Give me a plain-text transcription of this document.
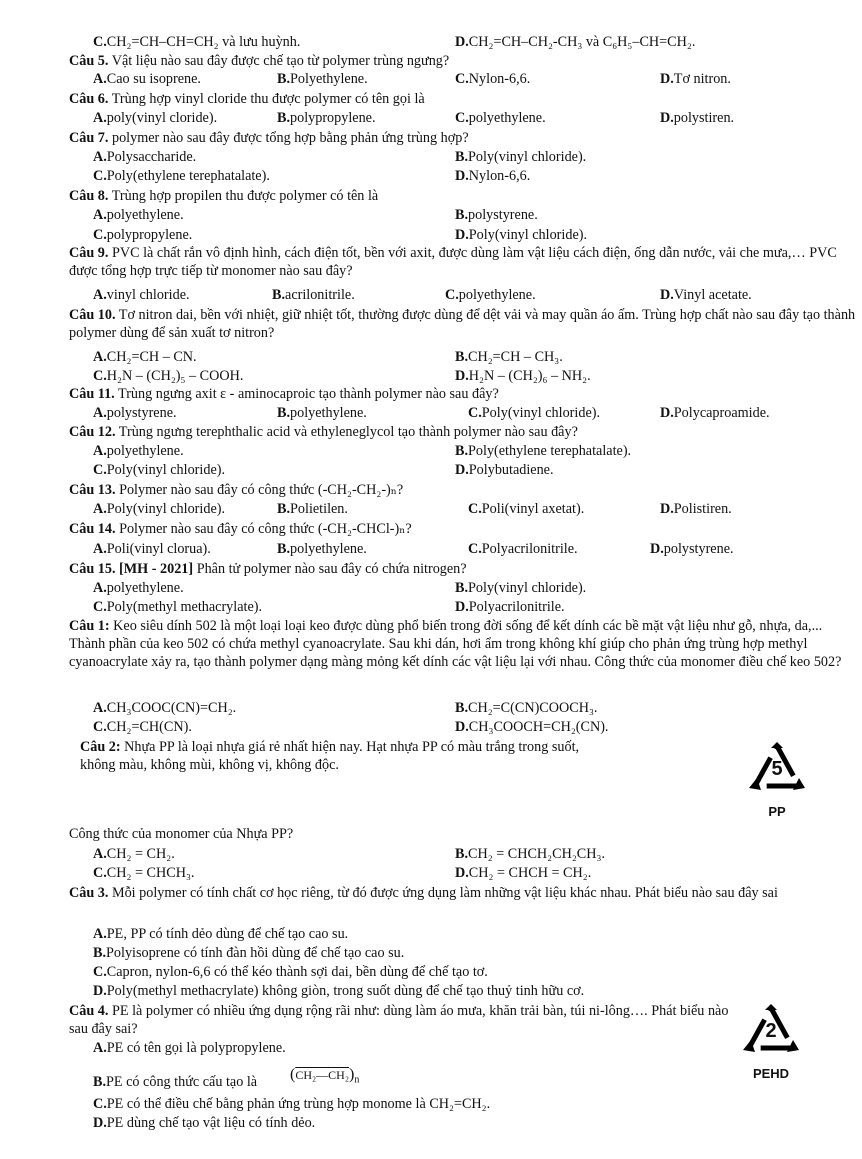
C.CH₂=CH–CH=CH₂ và lưu huỳnh.	D.CH₂=CH–CH₂-CH₃ và C₆H₅–CH=CH₂.
Câu 5. Vật liệu nào sau đây được chế tạo từ polymer trùng ngưng?
A.Cao su isoprene.	B.Polyethylene.	C.Nylon-6,6.	D.Tơ nitron.
Câu 6. Trùng hợp vinyl cloride thu được polymer có tên gọi là
A.poly(vinyl cloride).	B.polypropylene.	C.polyethylene.	D.polystiren.
Câu 7. polymer nào sau đây được tổng hợp bằng phản ứng trùng hợp?
A.Polysaccharide.	B.Poly(vinyl chloride).
C.Poly(ethylene terephatalate).	D.Nylon-6,6.
Câu 8. Trùng hợp propilen thu được polymer có tên là
A.polyethylene.	B.polystyrene.
C.polypropylene.	D.Poly(vinyl chloride).
Câu 9. PVC là chất rắn vô định hình, cách điện tốt, bền với axit, được dùng làm vật liệu cách điện, ống dẫn nước, vải che mưa,… PVC được tổng hợp trực tiếp từ monomer nào sau đây?
A.vinyl chloride.	B.acrilonitrile.	C.polyethylene.	D.Vinyl acetate.
Câu 10. Tơ nitron dai, bền với nhiệt, giữ nhiệt tốt, thường được dùng để dệt vải và may quần áo ấm. Trùng hợp chất nào sau đây tạo thành polymer dùng để sản xuất tơ nitron?
A.CH₂=CH – CN.	B.CH₂=CH – CH₃.
C.H₂N – (CH₂)₅ – COOH.	D.H₂N – (CH₂)₆ – NH₂.
Câu 11. Trùng ngưng axit ε - aminocaproic tạo thành polymer nào sau đây?
A.polystyrene.	B.polyethylene.	C.Poly(vinyl chloride).	D.Polycaproamide.
Câu 12. Trùng ngưng terephthalic acid và ethyleneglycol tạo thành polymer nào sau đây?
A.polyethylene.	B.Poly(ethylene terephatalate).
C.Poly(vinyl chloride).	D.Polybutadiene.
Câu 13. Polymer nào sau đây có công thức (-CH₂-CH₂-)ₙ?
A.Poly(vinyl chloride).	B.Polietilen.	C.Poli(vinyl axetat).	D.Polistiren.
Câu 14. Polymer nào sau đây có công thức (-CH₂-CHCl-)ₙ?
A.Poli(vinyl clorua).	B.polyethylene.	C.Polyacrilonitrile.	D.polystyrene.
Câu 15. [MH - 2021] Phân tử polymer nào sau đây có chứa nitrogen?
A.polyethylene.	B.Poly(vinyl chloride).
C.Poly(methyl methacrylate).	D.Polyacrilonitrile.
Câu 1: Keo siêu dính 502 là một loại loại keo được dùng phổ biến trong đời sống để kết dính các bề mặt vật liệu như gỗ, nhựa, da,... Thành phần của keo 502 có chứa methyl cyanoacrylate. Sau khi dán, hơi ẩm trong không khí giúp cho phản ứng trùng hợp methyl cyanoacrylate xảy ra, tạo thành polymer dạng màng mỏng kết dính các vật liệu lại với nhau. Công thức của monomer điều chế keo 502?
A.CH₃COOC(CN)=CH₂.	B.CH₂=C(CN)COOCH₃.
C.CH₂=CH(CN).	D.CH₃COOCH=CH₂(CN).
Câu 2: Nhựa PP là loại nhựa giá rẻ nhất hiện nay. Hạt nhựa PP có màu trắng trong suốt, không màu, không mùi, không vị, không độc.
Công thức của monomer của Nhựa PP?
A.CH₂ = CH₂.	B.CH₂ = CHCH₂CH₂CH₃.
C.CH₂ = CHCH₃.	D.CH₂ = CHCH = CH₂.
Câu 3. Mỗi polymer có tính chất cơ học riêng, từ đó được ứng dụng làm những vật liệu khác nhau. Phát biểu nào sau đây sai
A.PE, PP có tính dẻo dùng để chế tạo cao su.
B.Polyisoprene có tính đàn hồi dùng để chế tạo cao su.
C.Capron, nylon-6,6 có thể kéo thành sợi dai, bền dùng để chế tạo tơ.
D.Poly(methyl methacrylate) không giòn, trong suốt dùng để chế tạo thuỷ tinh hữu cơ.
Câu 4. PE là polymer có nhiều ứng dụng rộng rãi như: dùng làm áo mưa, khăn trải bàn, túi ni-lông…. Phát biểu nào sau đây sai?
A.PE có tên gọi là polypropylene.
B.PE có công thức cấu tạo là
C.PE có thể điều chế bằng phản ứng trùng hợp monome là CH₂=CH₂.
D.PE dùng chế tạo vật liệu có tính dẻo.
$(CH_2—CH_2)_n$
5
PP
2
PEHD
